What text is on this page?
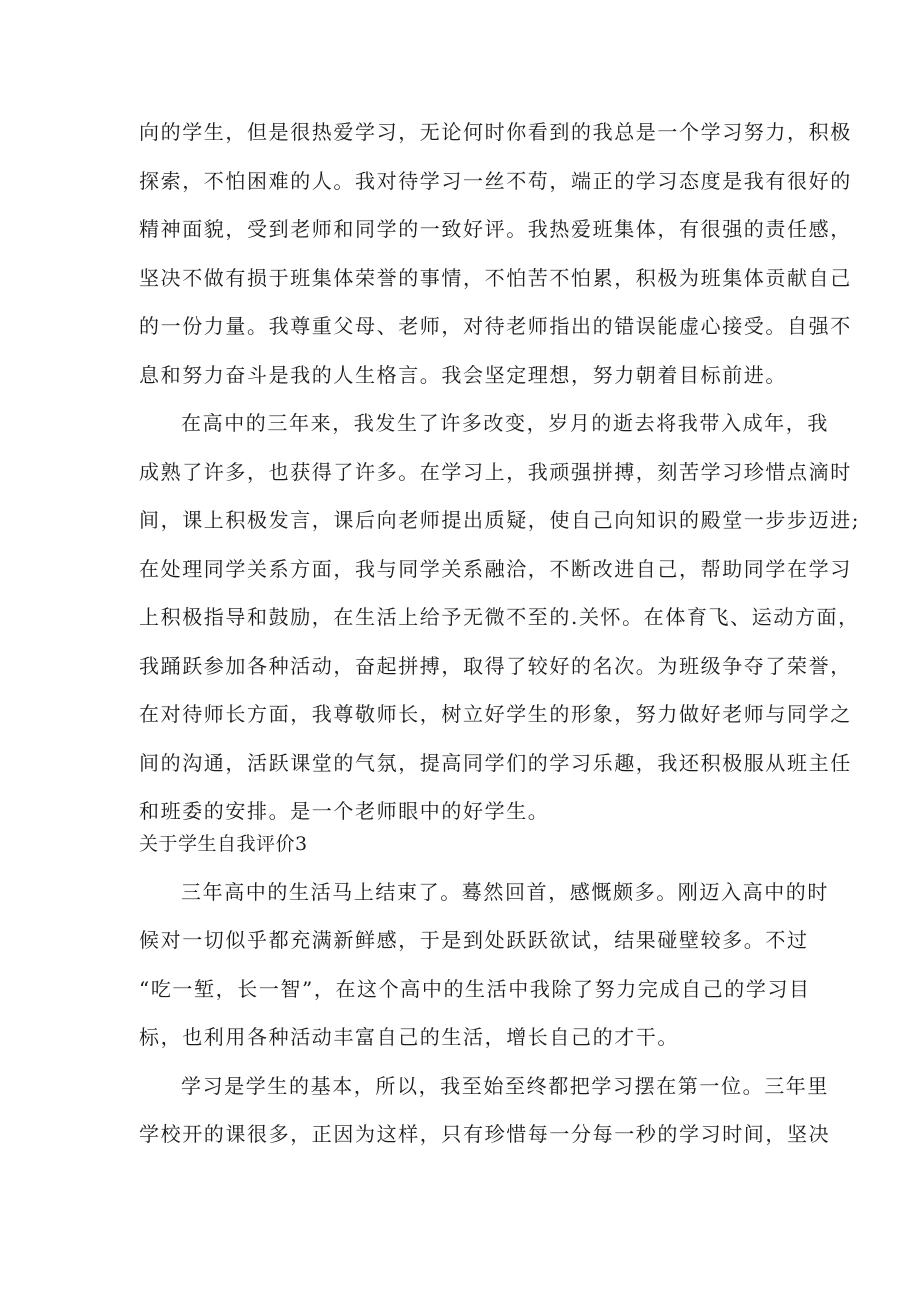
向的学生，但是很热爱学习，无论何时你看到的我总是一个学习努力，积极
探索，不怕困难的人。我对待学习一丝不苟，端正的学习态度是我有很好的
精神面貌，受到老师和同学的一致好评。我热爱班集体，有很强的责任感，
坚决不做有损于班集体荣誉的事情，不怕苦不怕累，积极为班集体贡献自己
的一份力量。我尊重父母、老师，对待老师指出的错误能虚心接受。自强不
息和努力奋斗是我的人生格言。我会坚定理想，努力朝着目标前进。
在高中的三年来，我发生了许多改变，岁月的逝去将我带入成年，我
成熟了许多，也获得了许多。在学习上，我顽强拼搏，刻苦学习珍惜点滴时
间，课上积极发言，课后向老师提出质疑，使自己向知识的殿堂一步步迈进;
在处理同学关系方面，我与同学关系融洽，不断改进自己，帮助同学在学习
上积极指导和鼓励，在生活上给予无微不至的.关怀。在体育飞、运动方面，
我踊跃参加各种活动，奋起拼搏，取得了较好的名次。为班级争夺了荣誉，
在对待师长方面，我尊敬师长，树立好学生的形象，努力做好老师与同学之
间的沟通，活跃课堂的气氛，提高同学们的学习乐趣，我还积极服从班主任
和班委的安排。是一个老师眼中的好学生。
关于学生自我评价3
三年高中的生活马上结束了。蓦然回首，感慨颇多。刚迈入高中的时
候对一切似乎都充满新鲜感，于是到处跃跃欲试，结果碰壁较多。不过
“吃一堑，长一智”，在这个高中的生活中我除了努力完成自己的学习目
标，也利用各种活动丰富自己的生活，增长自己的才干。
学习是学生的基本，所以，我至始至终都把学习摆在第一位。三年里
学校开的课很多，正因为这样，只有珍惜每一分每一秒的学习时间，坚决
